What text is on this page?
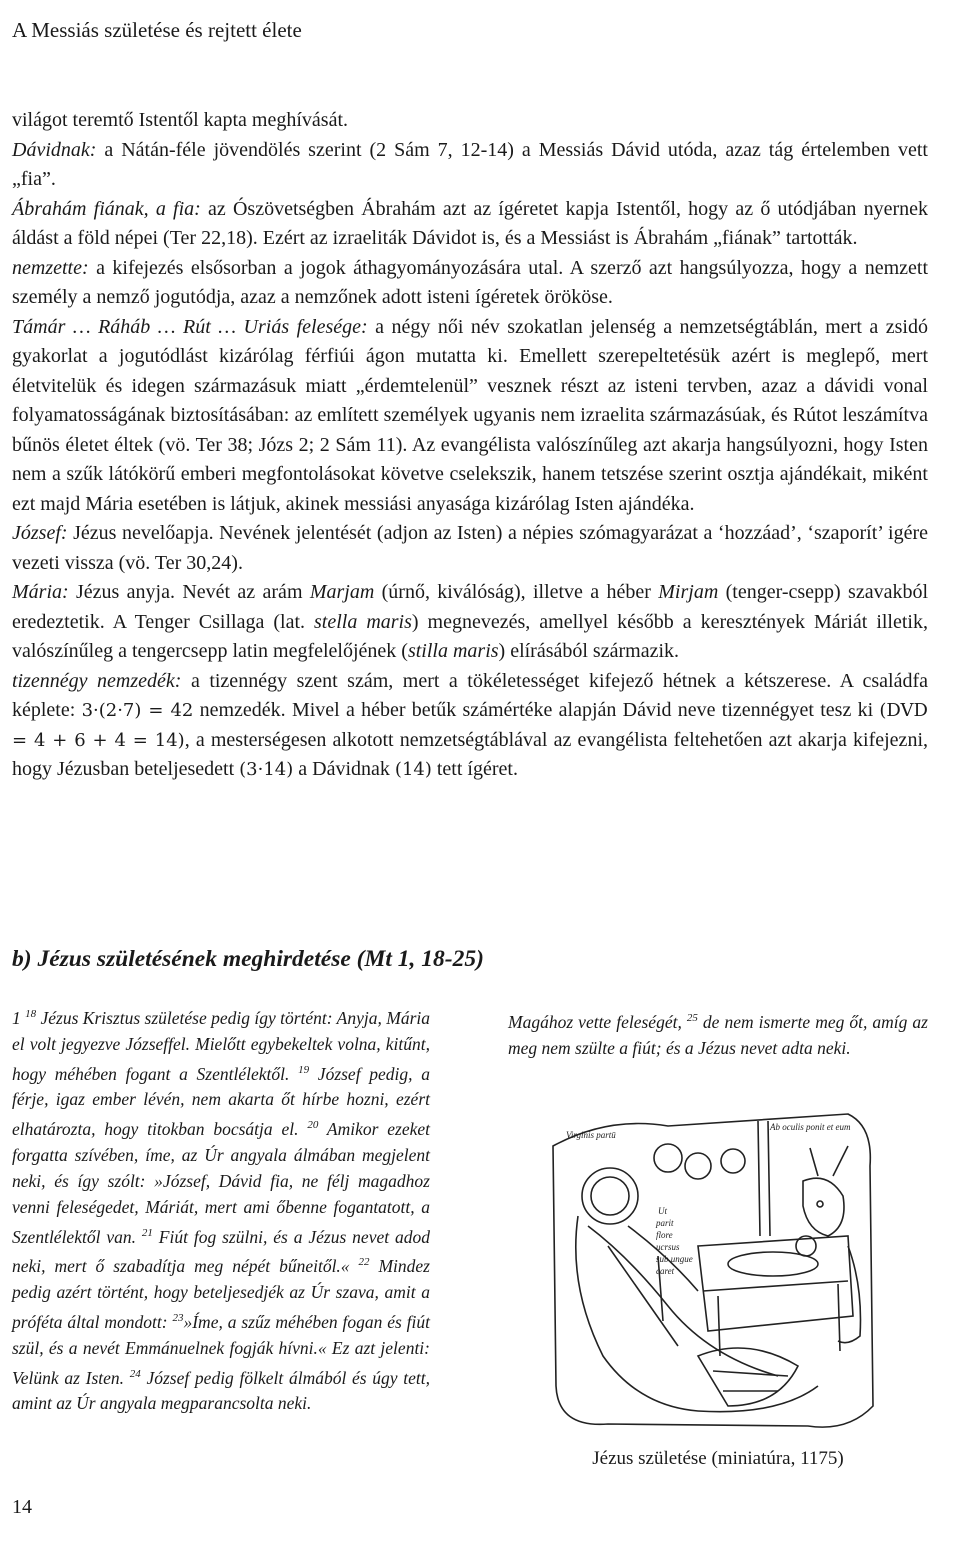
A Messiás születése és rejtett élete

világot teremtő Istentől kapta meghívását.

Dávidnak: a Nátán-féle jövendölés szerint (2 Sám 7, 12-14) a Messiás Dávid utóda, azaz tág értelemben vett „fia”.

Ábrahám fiának, a fia: az Ószövetségben Ábrahám azt az ígéretet kapja Istentől, hogy az ő utódjában nyernek áldást a föld népei (Ter 22,18). Ezért az izraeliták Dávidot is, és a Messiást is Ábrahám „fiának” tartották.

nemzette: a kifejezés elsősorban a jogok áthagyományozására utal. A szerző azt hangsúlyozza, hogy a nemzett személy a nemző jogutódja, azaz a nemzőnek adott isteni ígéretek örököse.

Támár … Ráháb … Rút … Uriás felesége: a négy női név szokatlan jelenség a nemzetségtáblán, mert a zsidó gyakorlat a jogutódlást kizárólag férfiúi ágon mutatta ki. Emellett szerepeltetésük azért is meglepő, mert életvitelük és idegen származásuk miatt „érdemtelenül” vesznek részt az isteni tervben, azaz a dávidi vonal folyamatosságának biztosításában: az említett személyek ugyanis nem izraelita származásúak, és Rútot leszámítva bűnös életet éltek (vö. Ter 38; Józs 2; 2 Sám 11). Az evangélista valószínűleg azt akarja hangsúlyozni, hogy Isten nem a szűk látókörű emberi megfontolásokat követve cselekszik, hanem tetszése szerint osztja ajándékait, miként ezt majd Mária esetében is látjuk, akinek messiási anyasága kizárólag Isten ajándéka.

József: Jézus nevelőapja. Nevének jelentését (adjon az Isten) a népies szómagyarázat a ‘hozzáad’, ‘szaporít’ igére vezeti vissza (vö. Ter 30,24).

Mária: Jézus anyja. Nevét az arám Marjam (úrnő, kiválóság), illetve a héber Mirjam (tenger-csepp) szavakból eredeztetik. A Tenger Csillaga (lat. stella maris) megnevezés, amellyel később a keresztények Máriát illetik, valószínűleg a tengercsepp latin megfelelőjének (stilla maris) elírásából származik.

tizennégy nemzedék: a tizennégy szent szám, mert a tökéletességet kifejező hétnek a kétszerese. A családfa képlete: 3·(2·7) = 42 nemzedék. Mivel a héber betűk számértéke alapján Dávid neve tizennégyet tesz ki (DVD = 4 + 6 + 4 = 14), a mesterségesen alkotott nemzetségtáblával az evangélista feltehetően azt akarja kifejezni, hogy Jézusban beteljesedett (3·14) a Dávidnak (14) tett ígéret.

b) Jézus születésének meghirdetése (Mt 1, 18-25)
1 $^{18}$ Jézus Krisztus születése pedig így történt: Anyja, Mária el volt jegyezve Józseffel. Mielőtt egybekeltek volna, kitűnt, hogy méhében fogant a Szentlélektől. $^{19}$ József pedig, a férje, igaz ember lévén, nem akarta őt hírbe hozni, ezért elhatározta, hogy titokban bocsátja el. $^{20}$ Amikor ezeket forgatta szívében, íme, az Úr angyala álmában megjelent neki, és így szólt: »József, Dávid fia, ne félj magadhoz venni feleségedet, Máriát, mert ami őbenne fogantatott, a Szentlélektől van. $^{21}$ Fiút fog szülni, és a Jézus nevet adod neki, mert ő szabadítja meg népét bűneitől.« $^{22}$ Mindez pedig azért történt, hogy beteljesedjék az Úr szava, amit a próféta által mondott: $^{23}$»Íme, a szűz méhében fogan és fiút szül, és a nevét Emmánuelnek fogják hívni.« Ez azt jelenti: Velünk az Isten. $^{24}$ József pedig fölkelt álmából és úgy tett, amint az Úr angyala megparancsolta neki.
Magához vette feleségét, $^{25}$ de nem ismerte meg őt, amíg az meg nem szülte a fiút; és a Jézus nevet adta neki.
Virginis partū
Ab oculis ponit et eum
Ut
parit
flore
ucrsus
sub ungue
caret
Jézus születése (miniatúra, 1175)
14
